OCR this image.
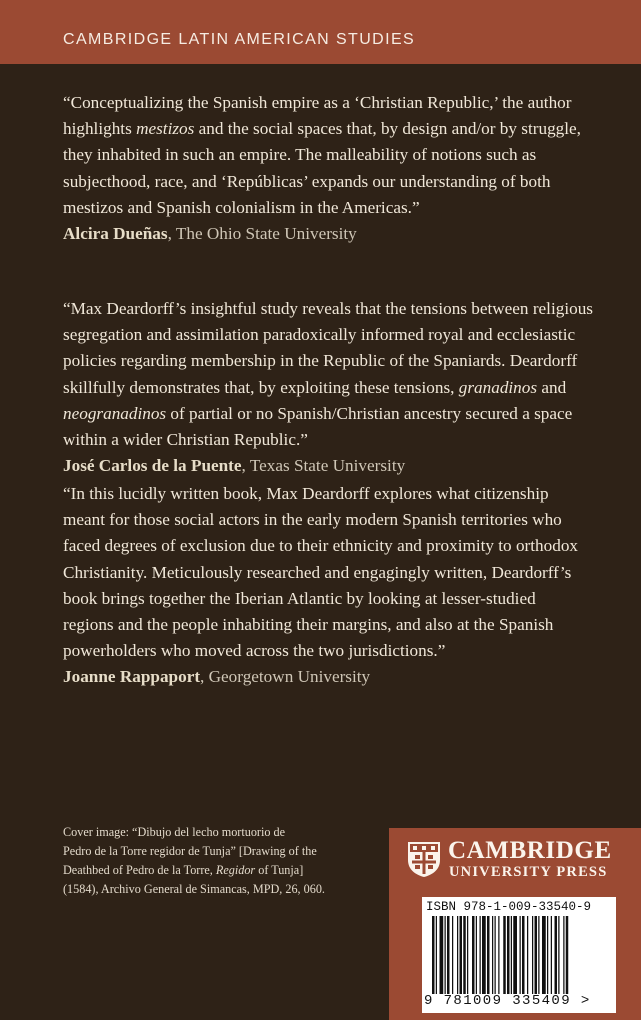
CAMBRIDGE LATIN AMERICAN STUDIES
“Conceptualizing the Spanish empire as a ‘Christian Republic,’ the author
highlights mestizos and the social spaces that, by design and/or by struggle,
they inhabited in such an empire. The malleability of notions such as
subjecthood, race, and ‘Repúblicas’ expands our understanding of both
mestizos and Spanish colonialism in the Americas.”
Alcira Dueñas, The Ohio State University
“Max Deardorff’s insightful study reveals that the tensions between religious
segregation and assimilation paradoxically informed royal and ecclesiastic
policies regarding membership in the Republic of the Spaniards. Deardorff
skillfully demonstrates that, by exploiting these tensions, granadinos and
neogranadinos of partial or no Spanish/Christian ancestry secured a space
within a wider Christian Republic.”
José Carlos de la Puente, Texas State University
“In this lucidly written book, Max Deardorff explores what citizenship
meant for those social actors in the early modern Spanish territories who
faced degrees of exclusion due to their ethnicity and proximity to orthodox
Christianity. Meticulously researched and engagingly written, Deardorff’s
book brings together the Iberian Atlantic by looking at lesser-studied
regions and the people inhabiting their margins, and also at the Spanish
powerholders who moved across the two jurisdictions.”
Joanne Rappaport, Georgetown University
Cover image: “Dibujo del lecho mortuorio de
Pedro de la Torre regidor de Tunja” [Drawing of the
Deathbed of Pedro de la Torre, Regidor of Tunja]
(1584), Archivo General de Simancas, MPD, 26, 060.
CAMBRIDGE
UNIVERSITY PRESS
ISBN 978-1-009-33540-9
9 781009 335409 >
